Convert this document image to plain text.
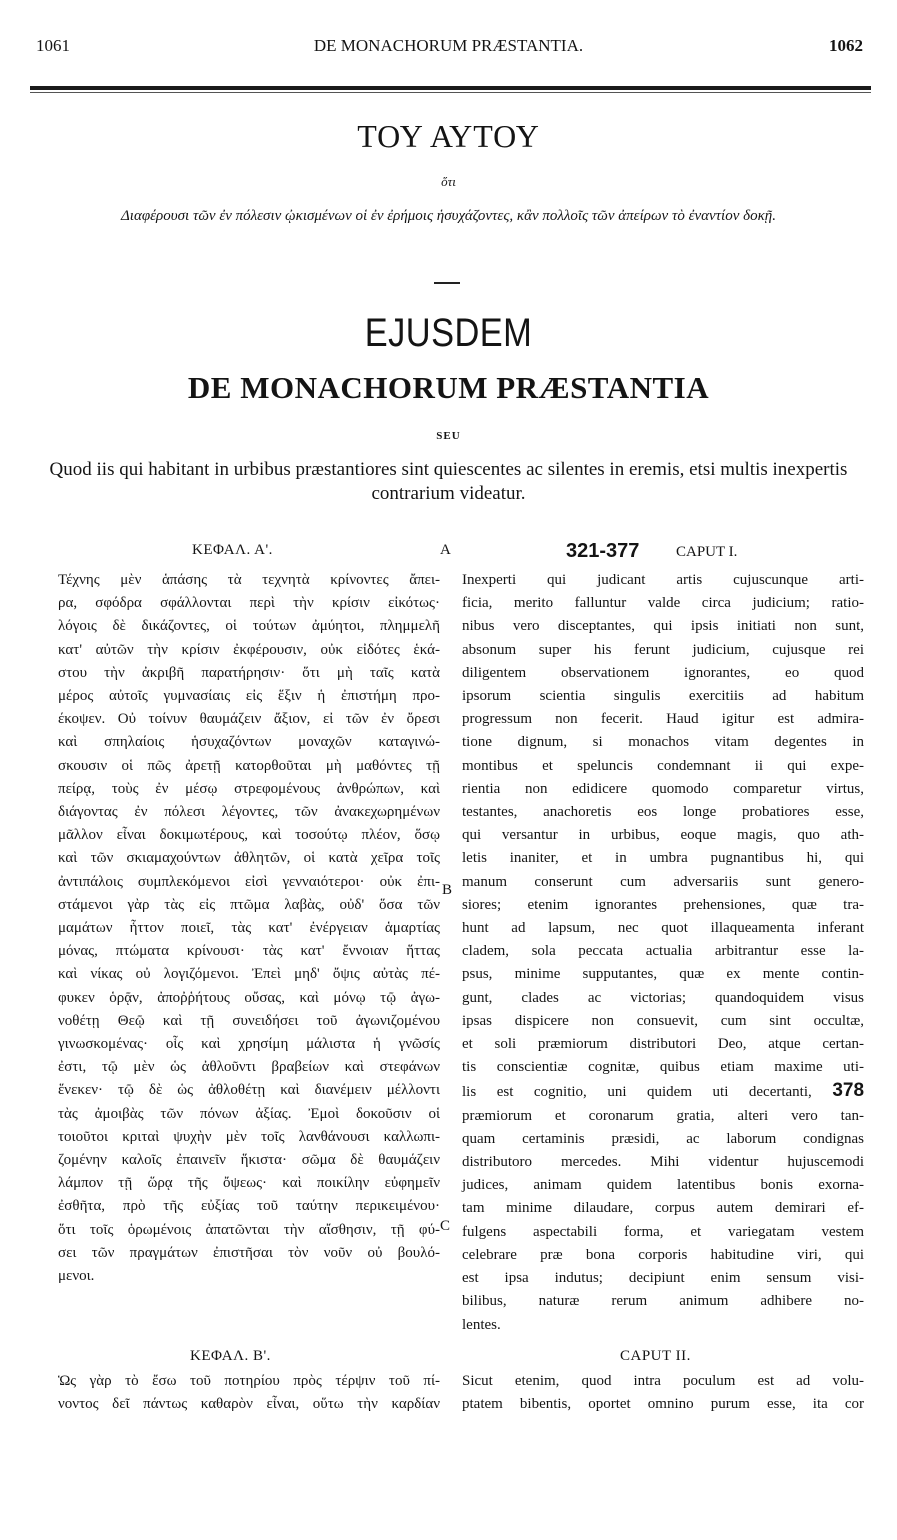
1061	DE MONACHORUM PRÆSTANTIA.	1062
ΤΟΥ ΑΥΤΟΥ
ὅτι
Διαφέρουσι τῶν ἐν πόλεσιν ᾠκισμένων οἱ ἐν ἐρήμοις ἡσυχάζοντες, κἂν πολλοῖς τῶν ἀπείρων τὸ ἐναντίον δοκῇ.
EJUSDEM
DE MONACHORUM PRÆSTANTIA
SEU
Quod iis qui habitant in urbibus præstantiores sint quiescentes ac silentes in eremis, etsi multis inexpertis contrarium videatur.
ΚΕΦΑΛ. Α'.	A	321-377 CAPUT I.
Τέχνης μὲν ἁπάσης τὰ τεχνητὰ κρίνοντες ἄπει-
ρα, σφόδρα σφάλλονται περὶ τὴν κρίσιν εἰκότως·
λόγοις δὲ δικάζοντες, οἱ τούτων ἀμύητοι, πλημμελῆ
κατ' αὐτῶν τὴν κρίσιν ἐκφέρουσιν, οὐκ εἰδότες ἑκά-
στου τὴν ἀκριβῆ παρατήρησιν· ὅτι μὴ ταῖς κατὰ
μέρος αὐτοῖς γυμνασίαις εἰς ἕξιν ἡ ἐπιστήμη προ-
έκοψεν. Οὐ τοίνυν θαυμάζειν ἄξιον, εἰ τῶν ἐν ὄρεσι
καὶ σπηλαίοις ἡσυχαζόντων μοναχῶν καταγινώ-
σκουσιν οἱ πῶς ἀρετῇ κατορθοῦται μὴ μαθόντες τῇ
πείρᾳ, τοὺς ἐν μέσῳ στρεφομένους ἀνθρώπων, καὶ
διάγοντας ἐν πόλεσι λέγοντες, τῶν ἀνακεχωρημένων
μᾶλλον εἶναι δοκιμωτέρους, καὶ τοσούτῳ πλέον, ὅσῳ
καὶ τῶν σκιαμαχούντων ἀθλητῶν, οἱ κατὰ χεῖρα τοῖς
ἀντιπάλοις συμπλεκόμενοι εἰσὶ γενναιότεροι· οὐκ ἐπι-
στάμενοι γὰρ τὰς εἰς πτῶμα λαβὰς, οὐδ' ὅσα τῶν
μαμάτων ἧττον ποιεῖ, τὰς κατ' ἐνέργειαν ἁμαρτίας
μόνας, πτώματα κρίνουσι· τὰς κατ' ἔννοιαν ἥττας
καὶ νίκας οὐ λογιζόμενοι. Ἐπεὶ μηδ' ὄψις αὐτὰς πέ-
φυκεν ὁρᾷν, ἀποῤῥήτους οὔσας, καὶ μόνῳ τῷ ἀγω-
νοθέτῃ Θεῷ καὶ τῇ συνειδήσει τοῦ ἀγωνιζομένου
γινωσκομένας· οἷς καὶ χρησίμη μάλιστα ἡ γνῶσίς
ἐστι, τῷ μὲν ὡς ἀθλοῦντι βραβείων καὶ στεφάνων
ἕνεκεν· τῷ δὲ ὡς ἀθλοθέτῃ καὶ διανέμειν μέλλοντι
τὰς ἀμοιβὰς τῶν πόνων ἀξίας. Ἐμοὶ δοκοῦσιν οἱ
τοιοῦτοι κριταὶ ψυχὴν μὲν τοῖς λανθάνουσι καλλωπι-
ζομένην καλοῖς ἐπαινεῖν ἥκιστα· σῶμα δὲ θαυμάζειν
λάμπον τῇ ὥρᾳ τῆς ὄψεως· καὶ ποικίλην εὐφημεῖν
ἐσθῆτα, πρὸ τῆς εὐξίας τοῦ ταύτην περικειμένου·
ὅτι τοῖς ὁρωμένοις ἀπατῶνται τὴν αἴσθησιν, τῇ φύ-
σει τῶν πραγμάτων ἐπιστῆσαι τὸν νοῦν οὐ βουλό-
μενοι.
B
C
Inexperti qui judicant artis cujuscunque arti-
ficia, merito falluntur valde circa judicium; ratio-
nibus vero disceptantes, qui ipsis initiati non sunt,
absonum super his ferunt judicium, cujusque rei
diligentem observationem ignorantes, eo quod
ipsorum scientia singulis exercitiis ad habitum
progressum non fecerit. Haud igitur est admira-
tione dignum, si monachos vitam degentes in
montibus et speluncis condemnant ii qui expe-
rientia non edidicere quomodo comparetur virtus,
testantes, anachoretis eos longe probatiores esse,
qui versantur in urbibus, eoque magis, quo ath-
letis inaniter, et in umbra pugnantibus hi, qui
manum conserunt cum adversariis sunt genero-
siores; etenim ignorantes prehensiones, quæ tra-
hunt ad lapsum, nec quot illaqueamenta inferant
cladem, sola peccata actualia arbitrantur esse la-
psus, minime supputantes, quæ ex mente contin-
gunt, clades ac victorias; quandoquidem visus
ipsas dispicere non consuevit, cum sint occultæ,
et soli præmiorum distributori Deo, atque certan-
tis conscientiæ cognitæ, quibus etiam maxime uti-
lis est cognitio, uni quidem uti decertanti, 378
præmiorum et coronarum gratia, alteri vero tan-
quam certaminis præsidi, ac laborum condignas
distributoro mercedes. Mihi videntur hujuscemodi
judices, animam quidem latentibus bonis exorna-
tam minime dilaudare, corpus autem demirari ef-
fulgens aspectabili forma, et variegatam vestem
celebrare præ bona corporis habitudine viri, qui
est ipsa indutus; decipiunt enim sensum visi-
bilibus, naturæ rerum animum adhibere no-
lentes.
ΚΕΦΑΛ. Β'.	CAPUT II.
Ὡς γὰρ τὸ ἔσω τοῦ ποτηρίου πρὸς τέρψιν τοῦ πί-
νοντος δεῖ πάντως καθαρὸν εἶναι, οὕτω τὴν καρδίαν
Sicut etenim, quod intra poculum est ad volu-
ptatem bibentis, oportet omnino purum esse, ita cor
